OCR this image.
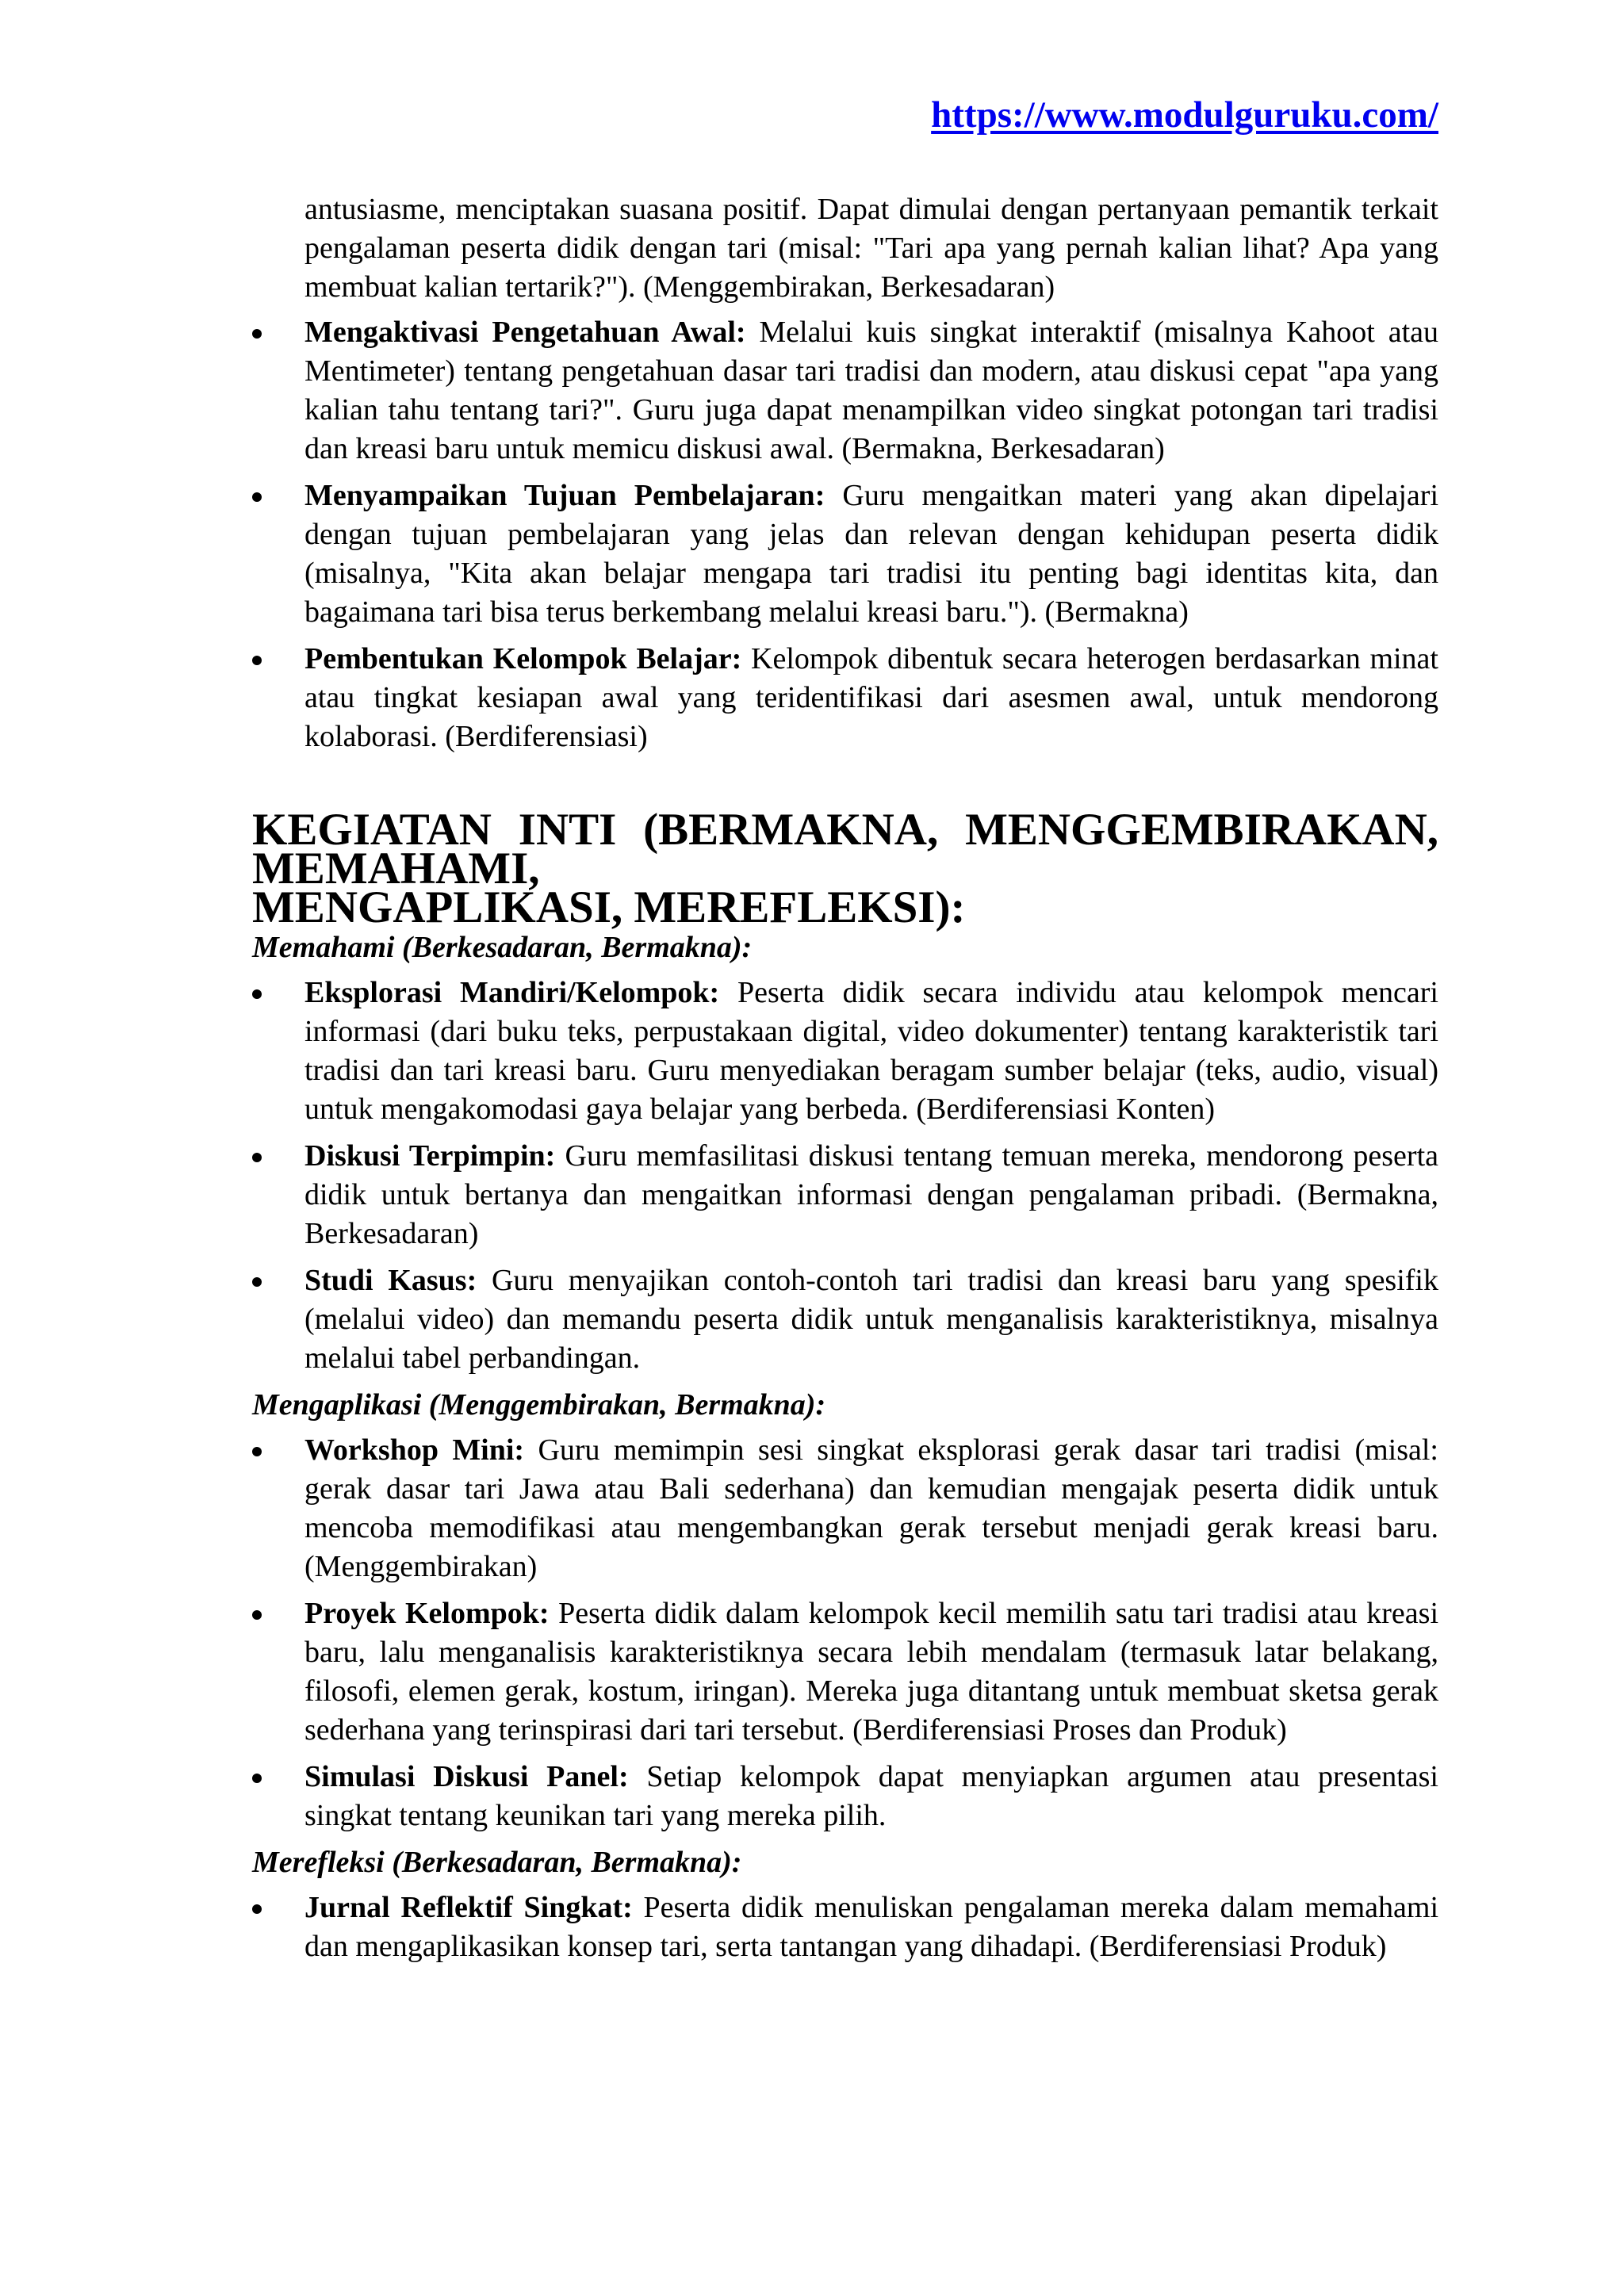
https://www.modulguruku.com/

antusiasme, menciptakan suasana positif. Dapat dimulai dengan pertanyaan pemantik terkait pengalaman peserta didik dengan tari (misal: "Tari apa yang pernah kalian lihat? Apa yang membuat kalian tertarik?"). (Menggembirakan, Berkesadaran)

Mengaktivasi Pengetahuan Awal: Melalui kuis singkat interaktif (misalnya Kahoot atau Mentimeter) tentang pengetahuan dasar tari tradisi dan modern, atau diskusi cepat "apa yang kalian tahu tentang tari?". Guru juga dapat menampilkan video singkat potongan tari tradisi dan kreasi baru untuk memicu diskusi awal. (Bermakna, Berkesadaran)
Menyampaikan Tujuan Pembelajaran: Guru mengaitkan materi yang akan dipelajari dengan tujuan pembelajaran yang jelas dan relevan dengan kehidupan peserta didik (misalnya, "Kita akan belajar mengapa tari tradisi itu penting bagi identitas kita, dan bagaimana tari bisa terus berkembang melalui kreasi baru."). (Bermakna)
Pembentukan Kelompok Belajar: Kelompok dibentuk secara heterogen berdasarkan minat atau tingkat kesiapan awal yang teridentifikasi dari asesmen awal, untuk mendorong kolaborasi. (Berdiferensiasi)
KEGIATAN INTI (BERMAKNA, MENGGEMBIRAKAN, MEMAHAMI,
MENGAPLIKASI, MEREFLEKSI):
Memahami (Berkesadaran, Bermakna):
Eksplorasi Mandiri/Kelompok: Peserta didik secara individu atau kelompok mencari informasi (dari buku teks, perpustakaan digital, video dokumenter) tentang karakteristik tari tradisi dan tari kreasi baru. Guru menyediakan beragam sumber belajar (teks, audio, visual) untuk mengakomodasi gaya belajar yang berbeda. (Berdiferensiasi Konten)
Diskusi Terpimpin: Guru memfasilitasi diskusi tentang temuan mereka, mendorong peserta didik untuk bertanya dan mengaitkan informasi dengan pengalaman pribadi. (Bermakna, Berkesadaran)
Studi Kasus: Guru menyajikan contoh-contoh tari tradisi dan kreasi baru yang spesifik (melalui video) dan memandu peserta didik untuk menganalisis karakteristiknya, misalnya melalui tabel perbandingan.
Mengaplikasi (Menggembirakan, Bermakna):
Workshop Mini: Guru memimpin sesi singkat eksplorasi gerak dasar tari tradisi (misal: gerak dasar tari Jawa atau Bali sederhana) dan kemudian mengajak peserta didik untuk mencoba memodifikasi atau mengembangkan gerak tersebut menjadi gerak kreasi baru. (Menggembirakan)
Proyek Kelompok: Peserta didik dalam kelompok kecil memilih satu tari tradisi atau kreasi baru, lalu menganalisis karakteristiknya secara lebih mendalam (termasuk latar belakang, filosofi, elemen gerak, kostum, iringan). Mereka juga ditantang untuk membuat sketsa gerak sederhana yang terinspirasi dari tari tersebut. (Berdiferensiasi Proses dan Produk)
Simulasi Diskusi Panel: Setiap kelompok dapat menyiapkan argumen atau presentasi singkat tentang keunikan tari yang mereka pilih.
Merefleksi (Berkesadaran, Bermakna):
Jurnal Reflektif Singkat: Peserta didik menuliskan pengalaman mereka dalam memahami dan mengaplikasikan konsep tari, serta tantangan yang dihadapi. (Berdiferensiasi Produk)
